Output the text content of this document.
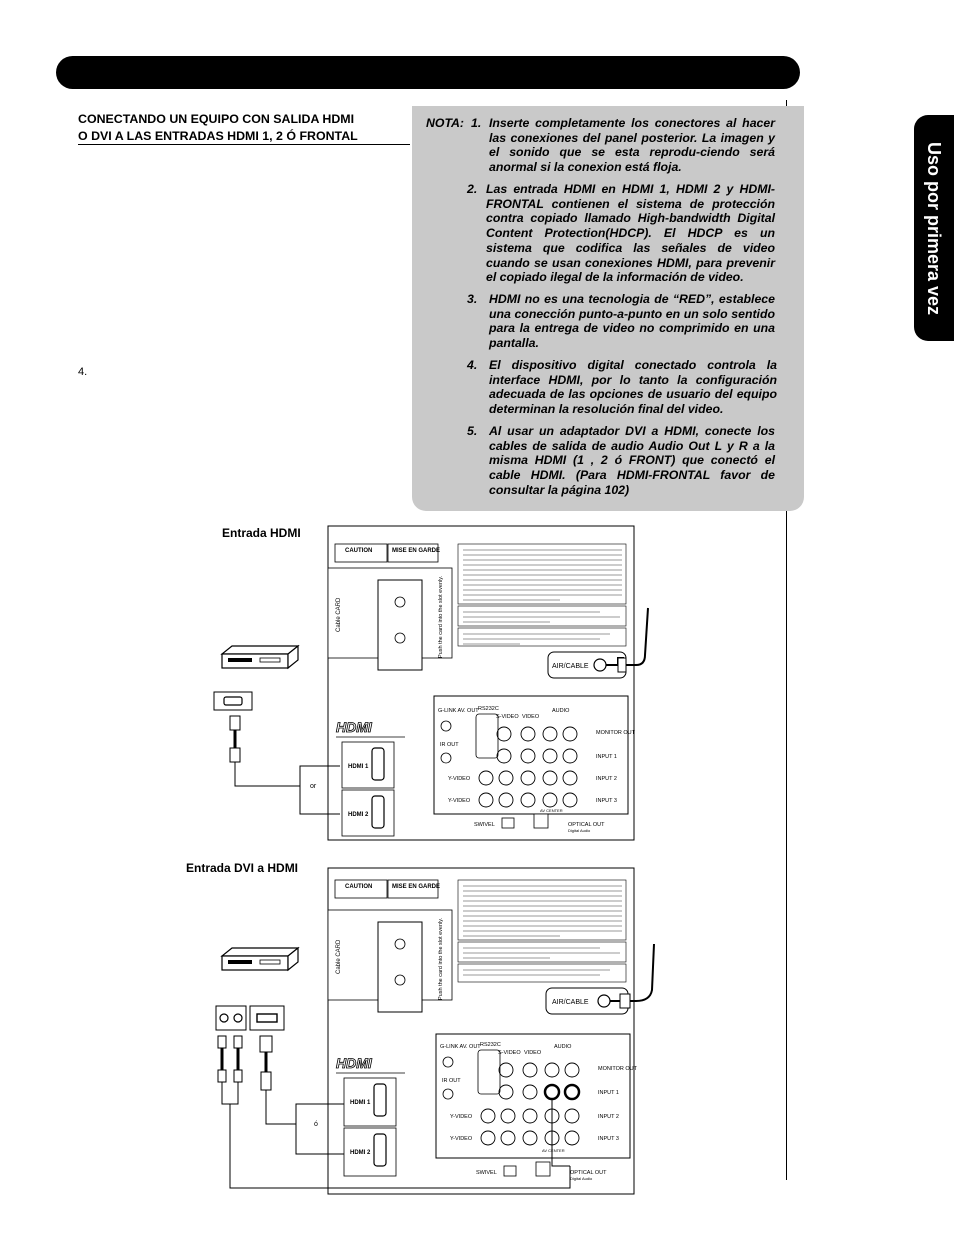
Uso por primera vez
CONECTANDO UN EQUIPO CON SALIDA HDMI
O DVI A LAS ENTRADAS HDMI 1, 2 Ó FRONTAL
4.
NOTA: 1. Inserte completamente los conectores al hacer las conexiones del panel posterior. La imagen y el sonido que se esta reprodu-ciendo será anormal si la conexion está floja.
2. Las entrada HDMI en HDMI 1, HDMI 2 y HDMI-FRONTAL contienen el sistema de protección contra copiado llamado High-bandwidth Digital Content Protection(HDCP). El HDCP es un sistema que codifica las señales de video cuando se usan conexiones HDMI, para prevenir el copiado ilegal de la información de video.
3. HDMI no es una tecnologia de “RED”, establece una conección punto-a-punto en un solo sentido para la entrega de video no comprimido en una pantalla.
4. El dispositivo digital conectado controla la interface HDMI, por lo tanto la configuración adecuada de las opciones de usuario del equipo determinan la resolución final del video.
5. Al usar un adaptador DVI a HDMI, conecte los cables de salida de audio Audio Out L y R a la misma HDMI (1 , 2 ó FRONT) que conectó el cable HDMI. (Para HDMI-FRONTAL favor de consultar la página 102)
Entrada HDMI
Entrada DVI a HDMI
Cable CARD	Push the card into the slot evenly.
CAUTION	MISE EN GARDE
AIR/CABLE
HDMI
HDMI 1
HDMI 2
G-LINK AV. OUT RS232C
IR OUT
S-VIDEO VIDEO
AUDIO
MONITOR OUT
INPUT 1
INPUT 2
INPUT 3
Y-VIDEO
Y-VIDEO
AV CENTER
SWIVEL	OPTICAL OUT
Digital Audio
or
Cable CARD	Push the card into the slot evenly.
CAUTION	MISE EN GARDE
AIR/CABLE
HDMI
HDMI 1
HDMI 2
G-LINK AV. OUT RS232C
IR OUT
S-VIDEO VIDEO
AUDIO
MONITOR OUT
INPUT 1
INPUT 2
INPUT 3
Y-VIDEO
Y-VIDEO
AV CENTER
SWIVEL	OPTICAL OUT
Digital Audio
ó
